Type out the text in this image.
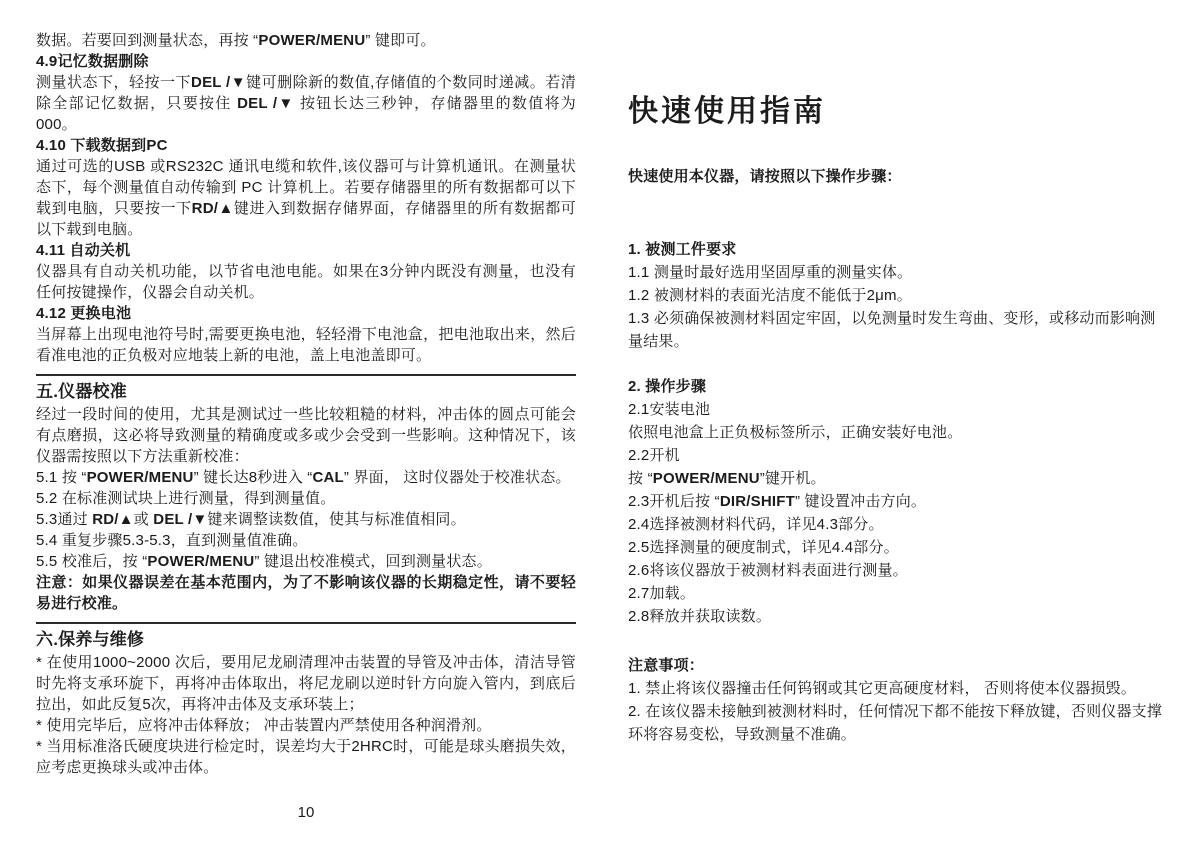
数据。若要回到测量状态，再按 “POWER/MENU” 键即可。
4.9记忆数据删除
测量状态下，轻按一下DEL /▼键可删除新的数值,存储值的个数同时递减。若清除全部记忆数据，只要按住 DEL /▼ 按钮长达三秒钟，存储器里的数值将为000。
4.10 下载数据到PC
通过可选的USB 或RS232C 通讯电缆和软件,该仪器可与计算机通讯。在测量状态下，每个测量值自动传输到 PC 计算机上。若要存储器里的所有数据都可以下载到电脑，只要按一下RD/▲键进入到数据存储界面，存储器里的所有数据都可以下载到电脑。
4.11 自动关机
仪器具有自动关机功能，以节省电池电能。如果在3分钟内既没有测量，也没有任何按键操作，仪器会自动关机。
4.12 更换电池
当屏幕上出现电池符号时,需要更换电池，轻轻滑下电池盒，把电池取出来，然后看准电池的正负极对应地装上新的电池，盖上电池盖即可。
五.仪器校准
经过一段时间的使用，尤其是测试过一些比较粗糙的材料，冲击体的圆点可能会有点磨损，这必将导致测量的精确度或多或少会受到一些影响。这种情况下，该仪器需按照以下方法重新校准：
5.1 按 “POWER/MENU” 键长达8秒进入 “CAL” 界面， 这时仪器处于校准状态。
5.2 在标准测试块上进行测量，得到测量值。
5.3通过 RD/▲或 DEL /▼键来调整读数值，使其与标准值相同。
5.4 重复步骤5.3-5.3，直到测量值准确。
5.5 校准后，按 “POWER/MENU” 键退出校准模式，回到测量状态。
注意：如果仪器误差在基本范围内，为了不影响该仪器的长期稳定性，请不要轻易进行校准。
六.保养与维修
* 在使用1000~2000 次后，要用尼龙刷清理冲击装置的导管及冲击体，清洁导管时先将支承环旋下，再将冲击体取出，将尼龙刷以逆时针方向旋入管内，到底后拉出，如此反复5次，再将冲击体及支承环装上；
* 使用完毕后，应将冲击体释放； 冲击装置内严禁使用各种润滑剂。
* 当用标准洛氏硬度块进行检定时，误差均大于2HRC时，可能是球头磨损失效，应考虑更换球头或冲击体。
快速使用指南
快速使用本仪器，请按照以下操作步骤：
1. 被测工件要求
1.1 测量时最好选用坚固厚重的测量实体。
1.2 被测材料的表面光洁度不能低于2μm。
1.3 必须确保被测材料固定牢固，以免测量时发生弯曲、变形，或移动而影响测量结果。
2. 操作步骤
2.1安装电池
依照电池盒上正负极标签所示，正确安装好电池。
2.2开机
按 “POWER/MENU”键开机。
2.3开机后按 “DIR/SHIFT” 键设置冲击方向。
2.4选择被测材料代码，详见4.3部分。
2.5选择测量的硬度制式，详见4.4部分。
2.6将该仪器放于被测材料表面进行测量。
2.7加载。
2.8释放并获取读数。
注意事项：
1. 禁止将该仪器撞击任何钨钢或其它更高硬度材料， 否则将使本仪器损毁。
2. 在该仪器未接触到被测材料时，任何情况下都不能按下释放键，否则仪器支撑环将容易变松，导致测量不准确。
10
